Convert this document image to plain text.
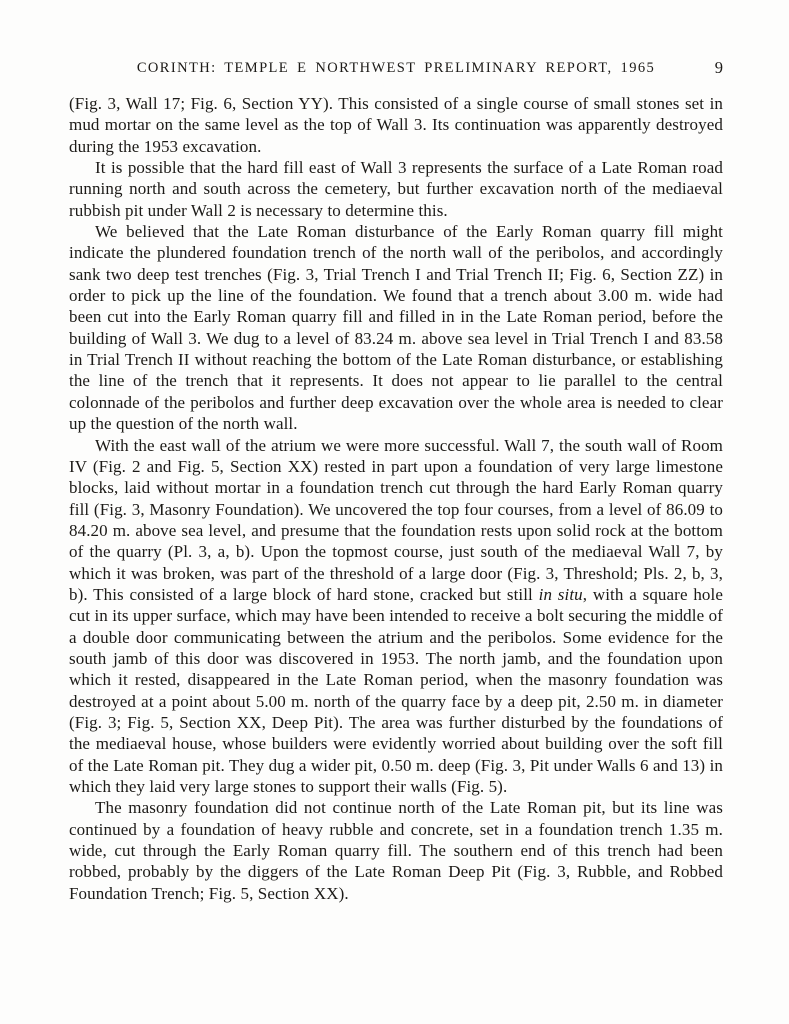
CORINTH: TEMPLE E NORTHWEST PRELIMINARY REPORT, 1965	9

(Fig. 3, Wall 17; Fig. 6, Section YY). This consisted of a single course of small stones set in mud mortar on the same level as the top of Wall 3. Its continuation was apparently destroyed during the 1953 excavation.

It is possible that the hard fill east of Wall 3 represents the surface of a Late Roman road running north and south across the cemetery, but further excavation north of the mediaeval rubbish pit under Wall 2 is necessary to determine this.

We believed that the Late Roman disturbance of the Early Roman quarry fill might indicate the plundered foundation trench of the north wall of the peribolos, and accordingly sank two deep test trenches (Fig. 3, Trial Trench I and Trial Trench II; Fig. 6, Section ZZ) in order to pick up the line of the foundation. We found that a trench about 3.00 m. wide had been cut into the Early Roman quarry fill and filled in in the Late Roman period, before the building of Wall 3. We dug to a level of 83.24 m. above sea level in Trial Trench I and 83.58 in Trial Trench II without reaching the bottom of the Late Roman disturbance, or establishing the line of the trench that it represents. It does not appear to lie parallel to the central colonnade of the peribolos and further deep excavation over the whole area is needed to clear up the question of the north wall.

With the east wall of the atrium we were more successful. Wall 7, the south wall of Room IV (Fig. 2 and Fig. 5, Section XX) rested in part upon a foundation of very large limestone blocks, laid without mortar in a foundation trench cut through the hard Early Roman quarry fill (Fig. 3, Masonry Foundation). We uncovered the top four courses, from a level of 86.09 to 84.20 m. above sea level, and presume that the foundation rests upon solid rock at the bottom of the quarry (Pl. 3, a, b). Upon the topmost course, just south of the mediaeval Wall 7, by which it was broken, was part of the threshold of a large door (Fig. 3, Threshold; Pls. 2, b, 3, b). This consisted of a large block of hard stone, cracked but still in situ, with a square hole cut in its upper surface, which may have been intended to receive a bolt securing the middle of a double door communicating between the atrium and the peribolos. Some evidence for the south jamb of this door was discovered in 1953. The north jamb, and the foundation upon which it rested, disappeared in the Late Roman period, when the masonry foundation was destroyed at a point about 5.00 m. north of the quarry face by a deep pit, 2.50 m. in diameter (Fig. 3; Fig. 5, Section XX, Deep Pit). The area was further disturbed by the foundations of the mediaeval house, whose builders were evidently worried about building over the soft fill of the Late Roman pit. They dug a wider pit, 0.50 m. deep (Fig. 3, Pit under Walls 6 and 13) in which they laid very large stones to support their walls (Fig. 5).

The masonry foundation did not continue north of the Late Roman pit, but its line was continued by a foundation of heavy rubble and concrete, set in a foundation trench 1.35 m. wide, cut through the Early Roman quarry fill. The southern end of this trench had been robbed, probably by the diggers of the Late Roman Deep Pit (Fig. 3, Rubble, and Robbed Foundation Trench; Fig. 5, Section XX).
